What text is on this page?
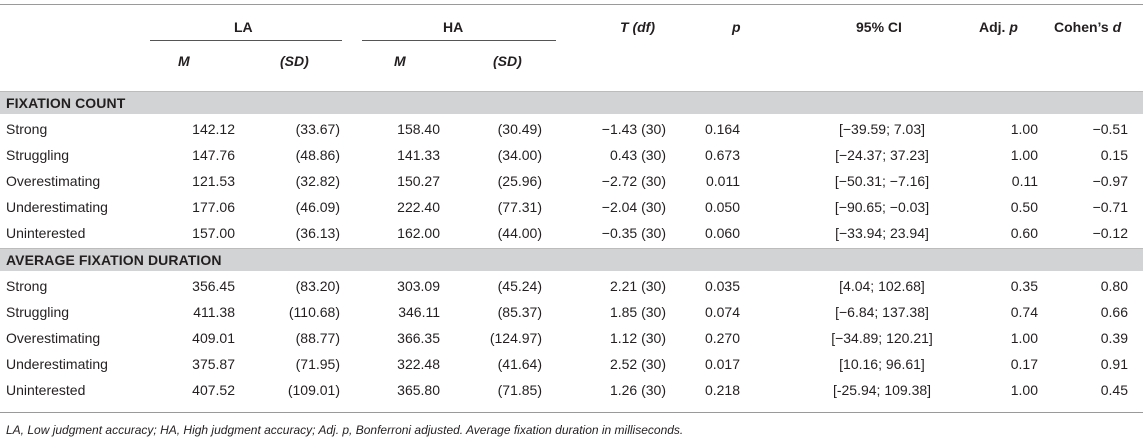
LA	HA	T (df)	p	95% CI	Adj. p	Cohen’s d
M	(SD)	M	(SD)
FIXATION COUNT
Strong	142.12	(33.67)	158.40	(30.49)	−1.43 (30)	0.164	[−39.59; 7.03]	1.00	−0.51
Struggling	147.76	(48.86)	141.33	(34.00)	0.43 (30)	0.673	[−24.37; 37.23]	1.00	0.15
Overestimating	121.53	(32.82)	150.27	(25.96)	−2.72 (30)	0.011	[−50.31; −7.16]	0.11	−0.97
Underestimating	177.06	(46.09)	222.40	(77.31)	−2.04 (30)	0.050	[−90.65; −0.03]	0.50	−0.71
Uninterested	157.00	(36.13)	162.00	(44.00)	−0.35 (30)	0.060	[−33.94; 23.94]	0.60	−0.12
AVERAGE FIXATION DURATION
Strong	356.45	(83.20)	303.09	(45.24)	2.21 (30)	0.035	[4.04; 102.68]	0.35	0.80
Struggling	411.38	(110.68)	346.11	(85.37)	1.85 (30)	0.074	[−6.84; 137.38]	0.74	0.66
Overestimating	409.01	(88.77)	366.35	(124.97)	1.12 (30)	0.270	[−34.89; 120.21]	1.00	0.39
Underestimating	375.87	(71.95)	322.48	(41.64)	2.52 (30)	0.017	[10.16; 96.61]	0.17	0.91
Uninterested	407.52	(109.01)	365.80	(71.85)	1.26 (30)	0.218	[-25.94; 109.38]	1.00	0.45
LA, Low judgment accuracy; HA, High judgment accuracy; Adj. p, Bonferroni adjusted. Average fixation duration in milliseconds.
